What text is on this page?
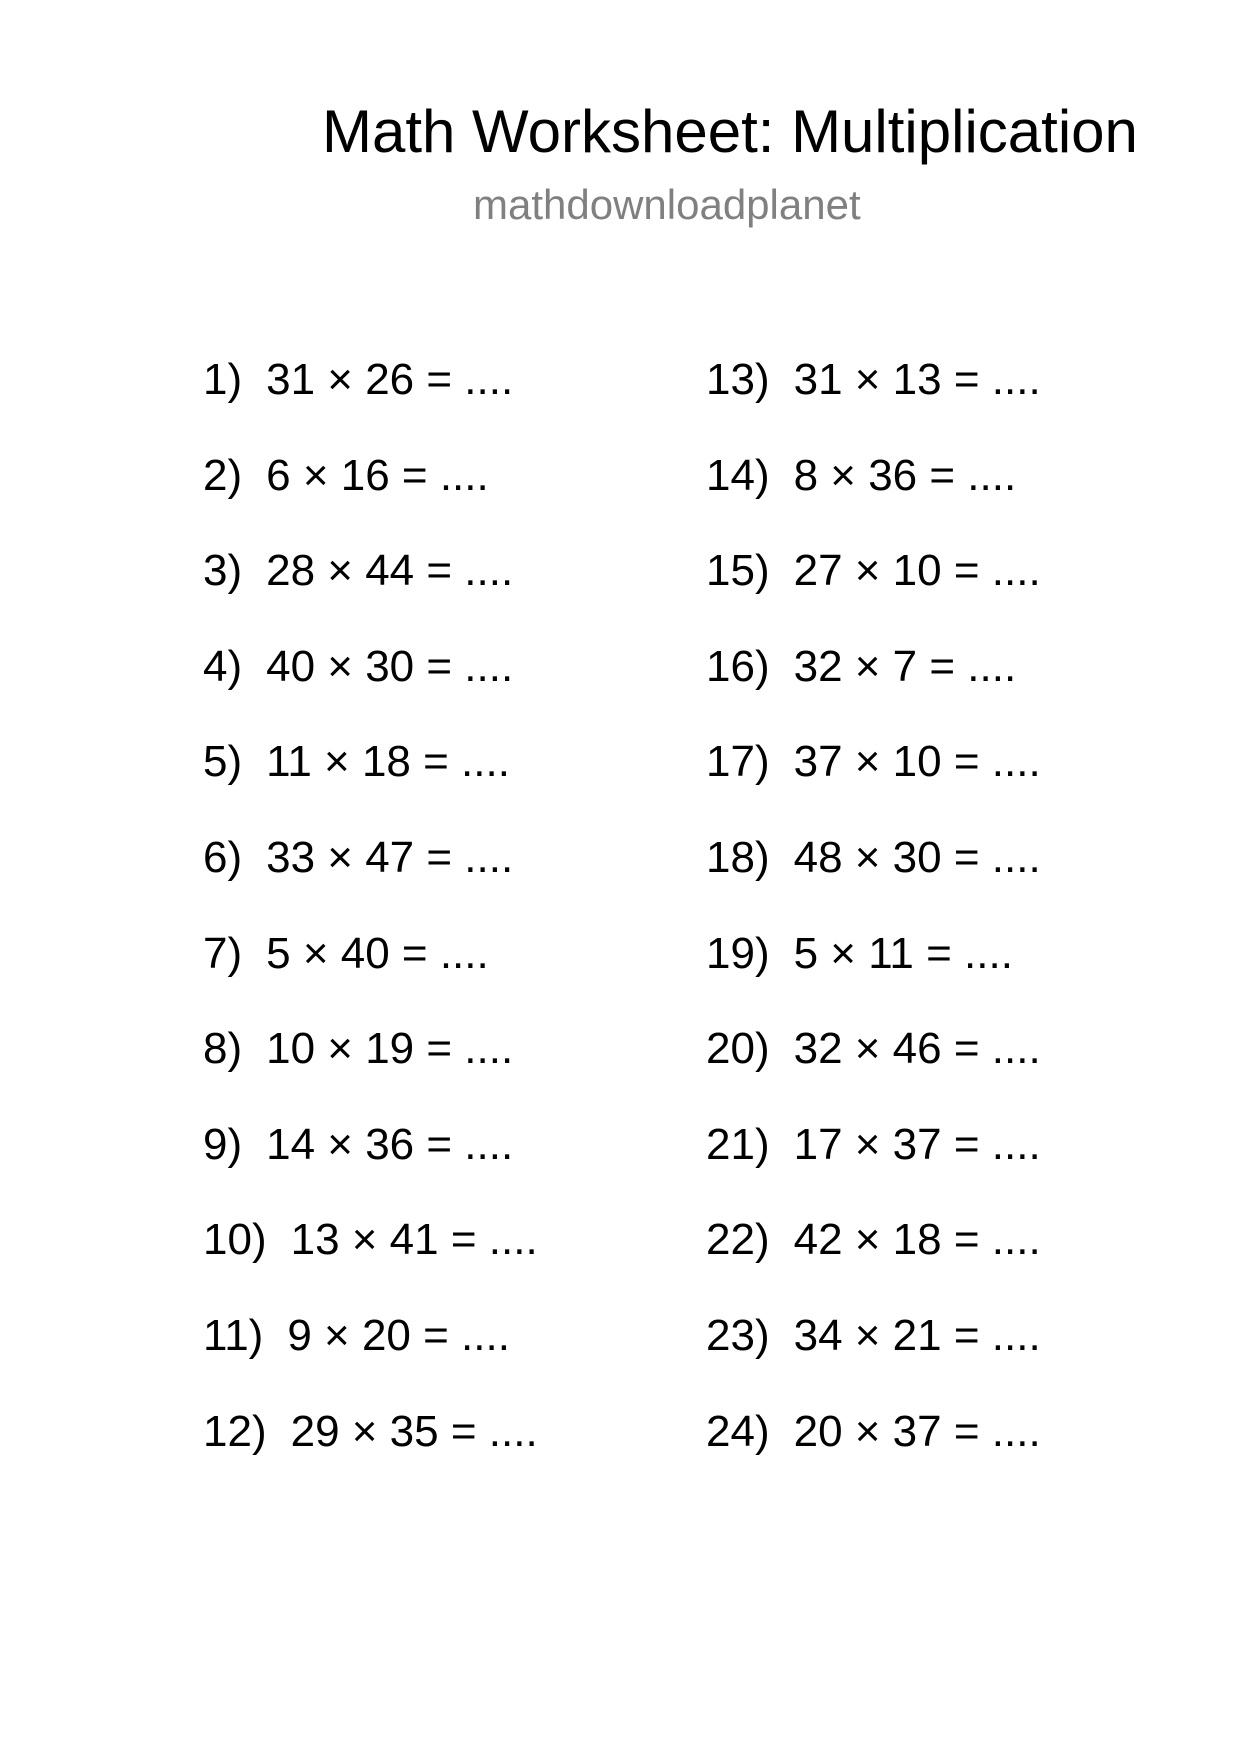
Math Worksheet: Multiplication
mathdownloadplanet
1) 31 × 26 = ....
2) 6 × 16 = ....
3) 28 × 44 = ....
4) 40 × 30 = ....
5) 11 × 18 = ....
6) 33 × 47 = ....
7) 5 × 40 = ....
8) 10 × 19 = ....
9) 14 × 36 = ....
10) 13 × 41 = ....
11) 9 × 20 = ....
12) 29 × 35 = ....
13) 31 × 13 = ....
14) 8 × 36 = ....
15) 27 × 10 = ....
16) 32 × 7 = ....
17) 37 × 10 = ....
18) 48 × 30 = ....
19) 5 × 11 = ....
20) 32 × 46 = ....
21) 17 × 37 = ....
22) 42 × 18 = ....
23) 34 × 21 = ....
24) 20 × 37 = ....
